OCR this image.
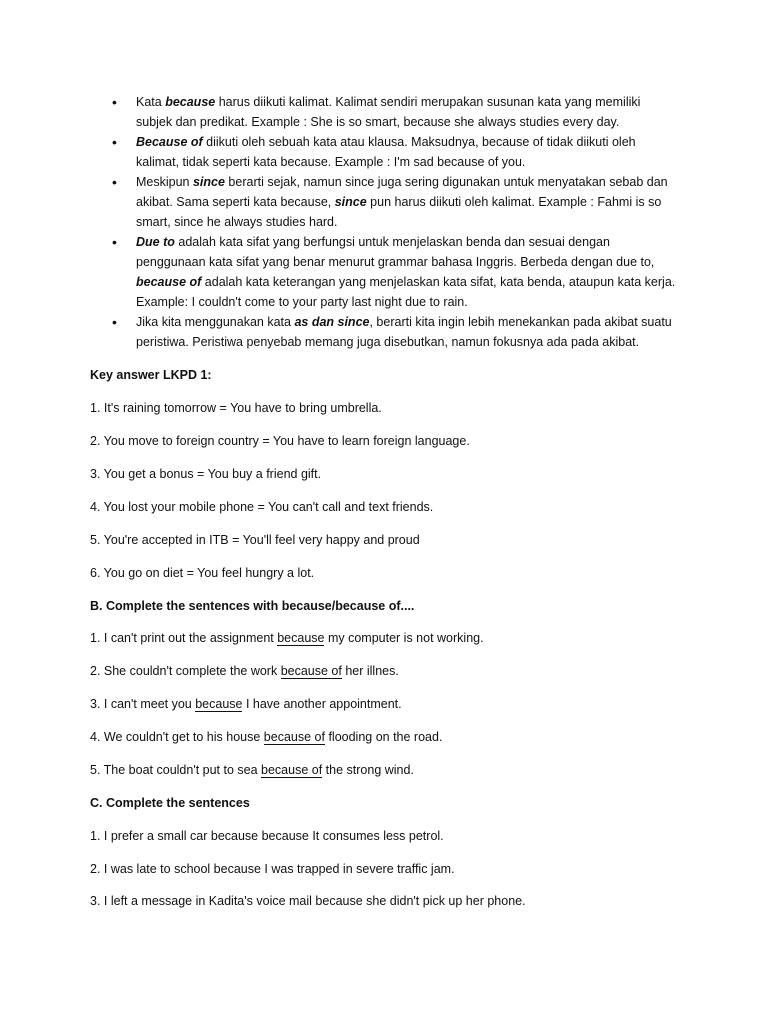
• Kata because harus diikuti kalimat. Kalimat sendiri merupakan susunan kata yang memiliki subjek dan predikat. Example : She is so smart, because she always studies every day.
• Because of diikuti oleh sebuah kata atau klausa. Maksudnya, because of tidak diikuti oleh kalimat, tidak seperti kata because. Example : I'm sad because of you.
• Meskipun since berarti sejak, namun since juga sering digunakan untuk menyatakan sebab dan akibat. Sama seperti kata because, since pun harus diikuti oleh kalimat. Example : Fahmi is so smart, since he always studies hard.
• Due to adalah kata sifat yang berfungsi untuk menjelaskan benda dan sesuai dengan penggunaan kata sifat yang benar menurut grammar bahasa Inggris. Berbeda dengan due to, because of adalah kata keterangan yang menjelaskan kata sifat, kata benda, ataupun kata kerja. Example: I couldn't come to your party last night due to rain.
• Jika kita menggunakan kata as dan since, berarti kita ingin lebih menekankan pada akibat suatu peristiwa. Peristiwa penyebab memang juga disebutkan, namun fokusnya ada pada akibat.
Key answer LKPD 1:
1. It's raining tomorrow = You have to bring umbrella.
2. You move to foreign country = You have to learn foreign language.
3. You get a bonus = You buy a friend gift.
4. You lost your mobile phone = You can't call and text friends.
5. You're accepted in ITB = You'll feel very happy and proud
6. You go on diet = You feel hungry a lot.
B. Complete the sentences with because/because of....
1. I can't print out the assignment because my computer is not working.
2. She couldn't complete the work because of her illnes.
3. I can't meet you because I have another appointment.
4. We couldn't get to his house because of flooding on the road.
5. The boat couldn't put to sea because of the strong wind.
C. Complete the sentences
1. I prefer a small car because because It consumes less petrol.
2. I was late to school because I was trapped in severe traffic jam.
3. I left a message in Kadita's voice mail because she didn't pick up her phone.
